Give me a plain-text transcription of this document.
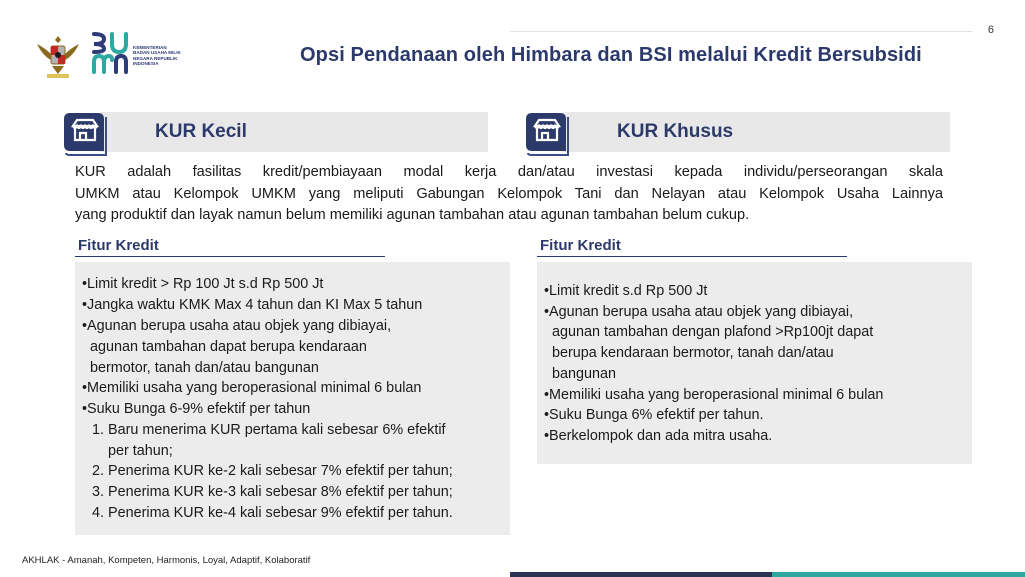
6
Opsi Pendanaan oleh Himbara dan BSI melalui Kredit Bersubsidi
KEMENTERIAN BADAN USAHA MILIK NEGARA REPUBLIK INDONESIA
KUR Kecil	KUR Khusus
KUR adalah fasilitas kredit/pembiayaan modal kerja dan/atau investasi kepada individu/perseorangan skala
UMKM atau Kelompok UMKM yang meliputi Gabungan Kelompok Tani dan Nelayan atau Kelompok Usaha Lainnya
yang produktif dan layak namun belum memiliki agunan tambahan atau agunan tambahan belum cukup.
Fitur Kredit	Fitur Kredit
•Limit kredit > Rp 100 Jt s.d Rp 500 Jt
•Jangka waktu KMK Max 4 tahun dan KI Max 5 tahun
•Agunan berupa usaha atau objek yang dibiayai,
agunan tambahan dapat berupa kendaraan
bermotor, tanah dan/atau bangunan
•Memiliki usaha yang beroperasional minimal 6 bulan
•Suku Bunga 6-9% efektif per tahun
1. Baru menerima KUR pertama kali sebesar 6% efektif
per tahun;
2. Penerima KUR ke-2 kali sebesar 7% efektif per tahun;
3. Penerima KUR ke-3 kali sebesar 8% efektif per tahun;
4. Penerima KUR ke-4 kali sebesar 9% efektif per tahun.
•Limit kredit s.d Rp 500 Jt
•Agunan berupa usaha atau objek yang dibiayai,
agunan tambahan dengan plafond >Rp100jt dapat
berupa kendaraan bermotor, tanah dan/atau
bangunan
•Memiliki usaha yang beroperasional minimal 6 bulan
•Suku Bunga 6% efektif per tahun.
•Berkelompok dan ada mitra usaha.
AKHLAK - Amanah, Kompeten, Harmonis, Loyal, Adaptif, Kolaboratif
